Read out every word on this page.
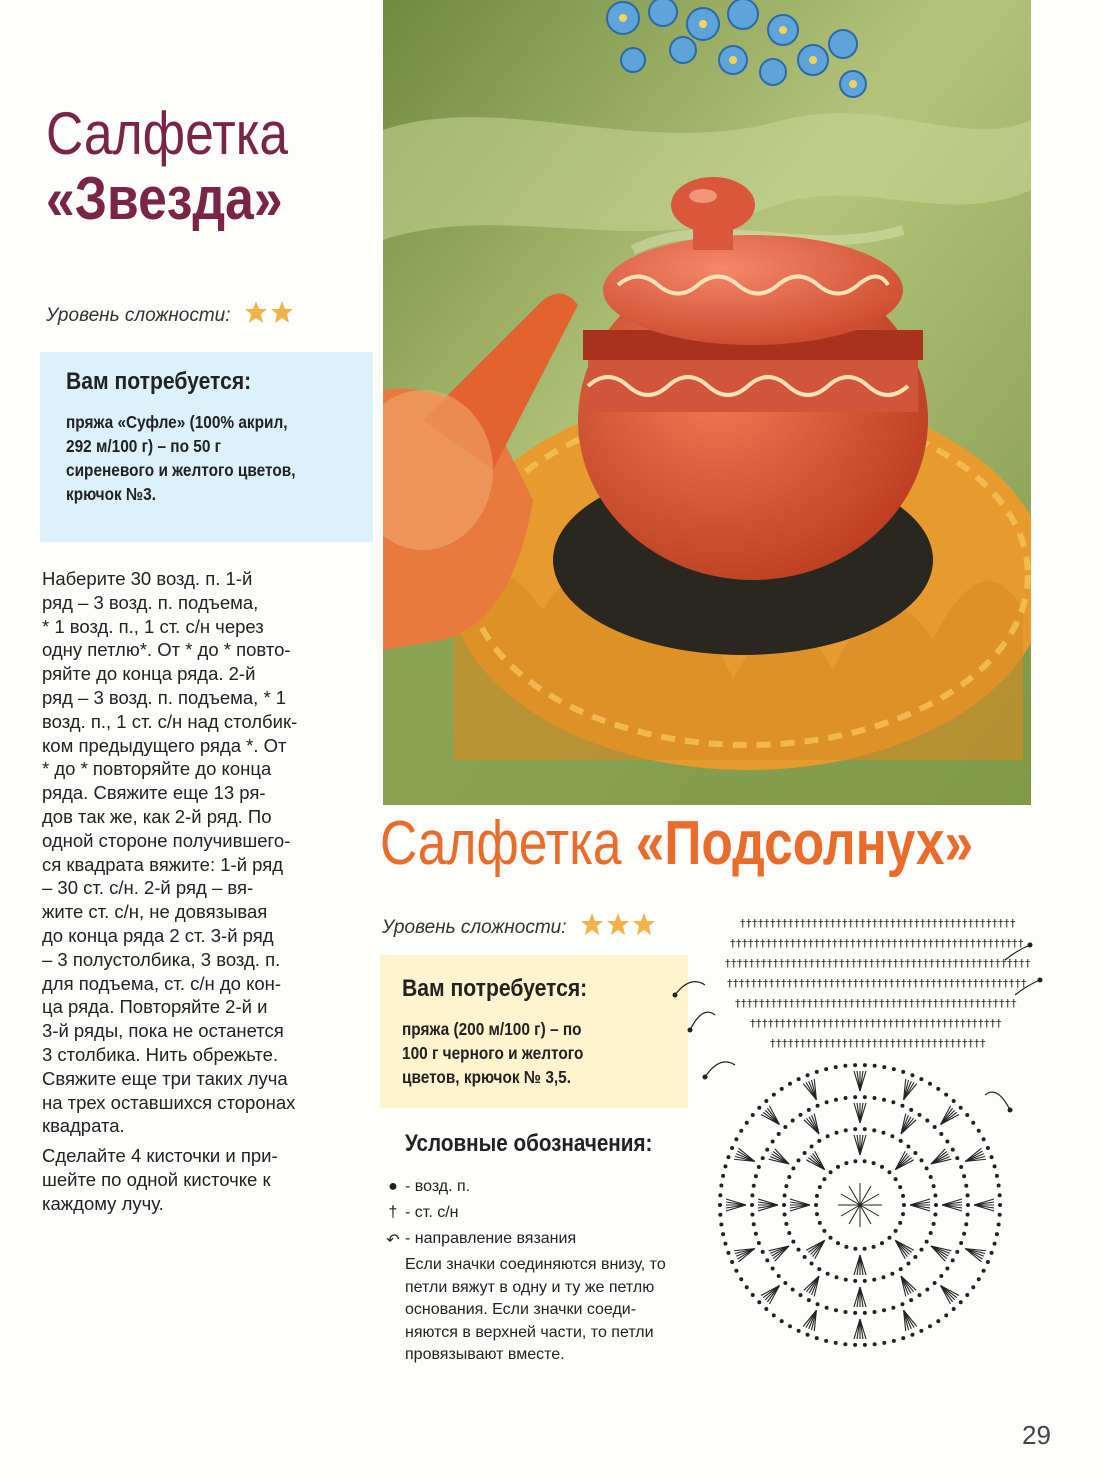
Салфетка
«Звезда»
Уровень сложности:
Вам потребуется:
пряжа «Суфле» (100% акрил,
292 м/100 г) – по 50 г
сиреневого и желтого цветов,
крючок №3.
Наберите 30 возд. п. 1-й
ряд – 3 возд. п. подъема,
* 1 возд. п., 1 ст. с/н через
одну петлю*. От * до * повто-
ряйте до конца ряда. 2-й
ряд – 3 возд. п. подъема, * 1
возд. п., 1 ст. с/н над столбик-
ком предыдущего ряда *. От
* до * повторяйте до конца
ряда. Свяжите еще 13 ря-
дов так же, как 2-й ряд. По
одной стороне получившего-
ся квадрата вяжите: 1-й ряд
– 30 ст. с/н. 2-й ряд – вя-
жите ст. с/н, не довязывая
до конца ряда 2 ст. 3-й ряд
– 3 полустолбика, 3 возд. п.
для подъема, ст. с/н до кон-
ца ряда. Повторяйте 2-й и
3-й ряды, пока не останется
3 столбика. Нить обрежьте.
Свяжите еще три таких луча
на трех оставшихся сторонах
квадрата.
Сделайте 4 кисточки и при-
шейте по одной кисточке к
каждому лучу.
Салфетка «Подсолнух»
Уровень сложности:
Вам потребуется:
пряжа (200 м/100 г) – по
100 г черного и желтого
цветов, крючок № 3,5.
Условные обозначения:
● - возд. п.
† - ст. с/н
↶ - направление вязания
Если значки соединяются внизу, то
петли вяжут в одну и ту же петлю
основания. Если значки соеди-
няются в верхней части, то петли
провязывают вместе.
† † † † † † † † † † † † † † † † † † † † † † † † † † † † † † † † † † † † † † † † † † † † † †
† † † † † † † † † † † † † † † † † † † † † † † † † † † † † † † † † † † † † † † † † † † † † † † † †
† † † † † † † † † † † † † † † † † † † † † † † † † † † † † † † † † † † † † † † † † † † † † † † † † † †
† † † † † † † † † † † † † † † † † † † † † † † † † † † † † † † † † † † † † † † † † † † † † † † † † †
† † † † † † † † † † † † † † † † † † † † † † † † † † † † † † † † † † † † † † † † † † † † † † †
† † † † † † † † † † † † † † † † † † † † † † † † † † † † † † † † † † † † † † † † † †
† † † † † † † † † † † † † † † † † † † † † † † † † † † † † † † † † † † †
29
